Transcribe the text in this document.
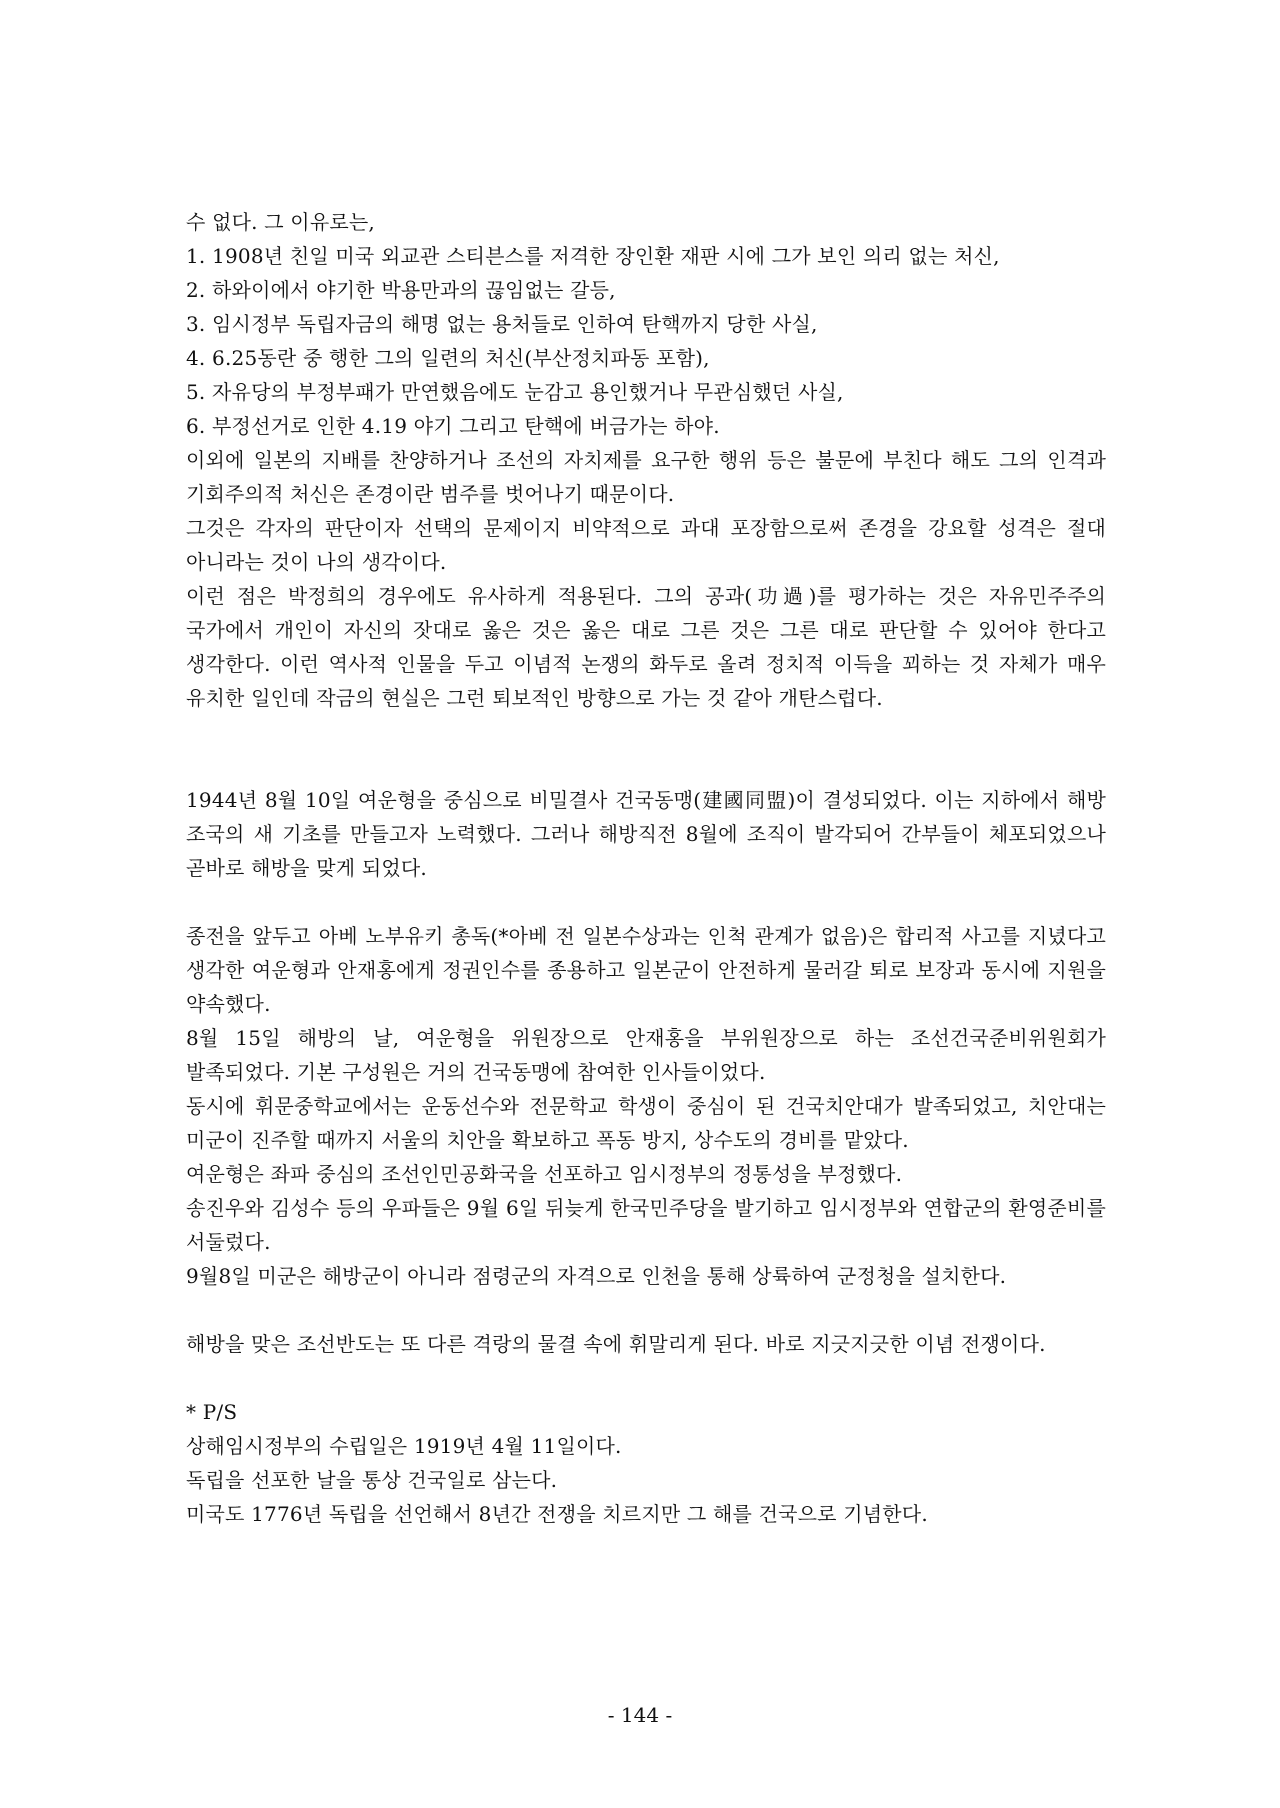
수 없다. 그 이유로는,

1. 1908년 친일 미국 외교관 스티븐스를 저격한 장인환 재판 시에 그가 보인 의리 없는 처신,

2. 하와이에서 야기한 박용만과의 끊임없는 갈등,

3. 임시정부 독립자금의 해명 없는 용처들로 인하여 탄핵까지 당한 사실,

4. 6.25동란 중 행한 그의 일련의 처신(부산정치파동 포함),

5. 자유당의 부정부패가 만연했음에도 눈감고 용인했거나 무관심했던 사실,

6. 부정선거로 인한 4.19 야기 그리고 탄핵에 버금가는 하야.

이외에 일본의 지배를 찬양하거나 조선의 자치제를 요구한 행위 등은 불문에 부친다 해도 그의 인격과 기회주의적 처신은 존경이란 범주를 벗어나기 때문이다.

그것은 각자의 판단이자 선택의 문제이지 비약적으로 과대 포장함으로써 존경을 강요할 성격은 절대 아니라는 것이 나의 생각이다.

이런 점은 박정희의 경우에도 유사하게 적용된다. 그의 공과(功過)를 평가하는 것은 자유민주주의 국가에서 개인이 자신의 잣대로 옳은 것은 옳은 대로 그른 것은 그른 대로 판단할 수 있어야 한다고 생각한다. 이런 역사적 인물을 두고 이념적 논쟁의 화두로 올려 정치적 이득을 꾀하는 것 자체가 매우 유치한 일인데 작금의 현실은 그런 퇴보적인 방향으로 가는 것 같아 개탄스럽다.

1944년 8월 10일 여운형을 중심으로 비밀결사 건국동맹(建國同盟)이 결성되었다. 이는 지하에서 해방 조국의 새 기초를 만들고자 노력했다. 그러나 해방직전 8월에 조직이 발각되어 간부들이 체포되었으나 곧바로 해방을 맞게 되었다.

종전을 앞두고 아베 노부유키 총독(*아베 전 일본수상과는 인척 관계가 없음)은 합리적 사고를 지녔다고 생각한 여운형과 안재홍에게 정권인수를 종용하고 일본군이 안전하게 물러갈 퇴로 보장과 동시에 지원을 약속했다.

8월 15일 해방의 날, 여운형을 위원장으로 안재홍을 부위원장으로 하는 조선건국준비위원회가 발족되었다. 기본 구성원은 거의 건국동맹에 참여한 인사들이었다.

동시에 휘문중학교에서는 운동선수와 전문학교 학생이 중심이 된 건국치안대가 발족되었고, 치안대는 미군이 진주할 때까지 서울의 치안을 확보하고 폭동 방지, 상수도의 경비를 맡았다.

여운형은 좌파 중심의 조선인민공화국을 선포하고 임시정부의 정통성을 부정했다.

송진우와 김성수 등의 우파들은 9월 6일 뒤늦게 한국민주당을 발기하고 임시정부와 연합군의 환영준비를 서둘렀다.

9월8일 미군은 해방군이 아니라 점령군의 자격으로 인천을 통해 상륙하여 군정청을 설치한다.

해방을 맞은 조선반도는 또 다른 격랑의 물결 속에 휘말리게 된다. 바로 지긋지긋한 이념 전쟁이다.

* P/S

상해임시정부의 수립일은 1919년 4월 11일이다.

독립을 선포한 날을 통상 건국일로 삼는다.

미국도 1776년 독립을 선언해서 8년간 전쟁을 치르지만 그 해를 건국으로 기념한다.

- 144 -
